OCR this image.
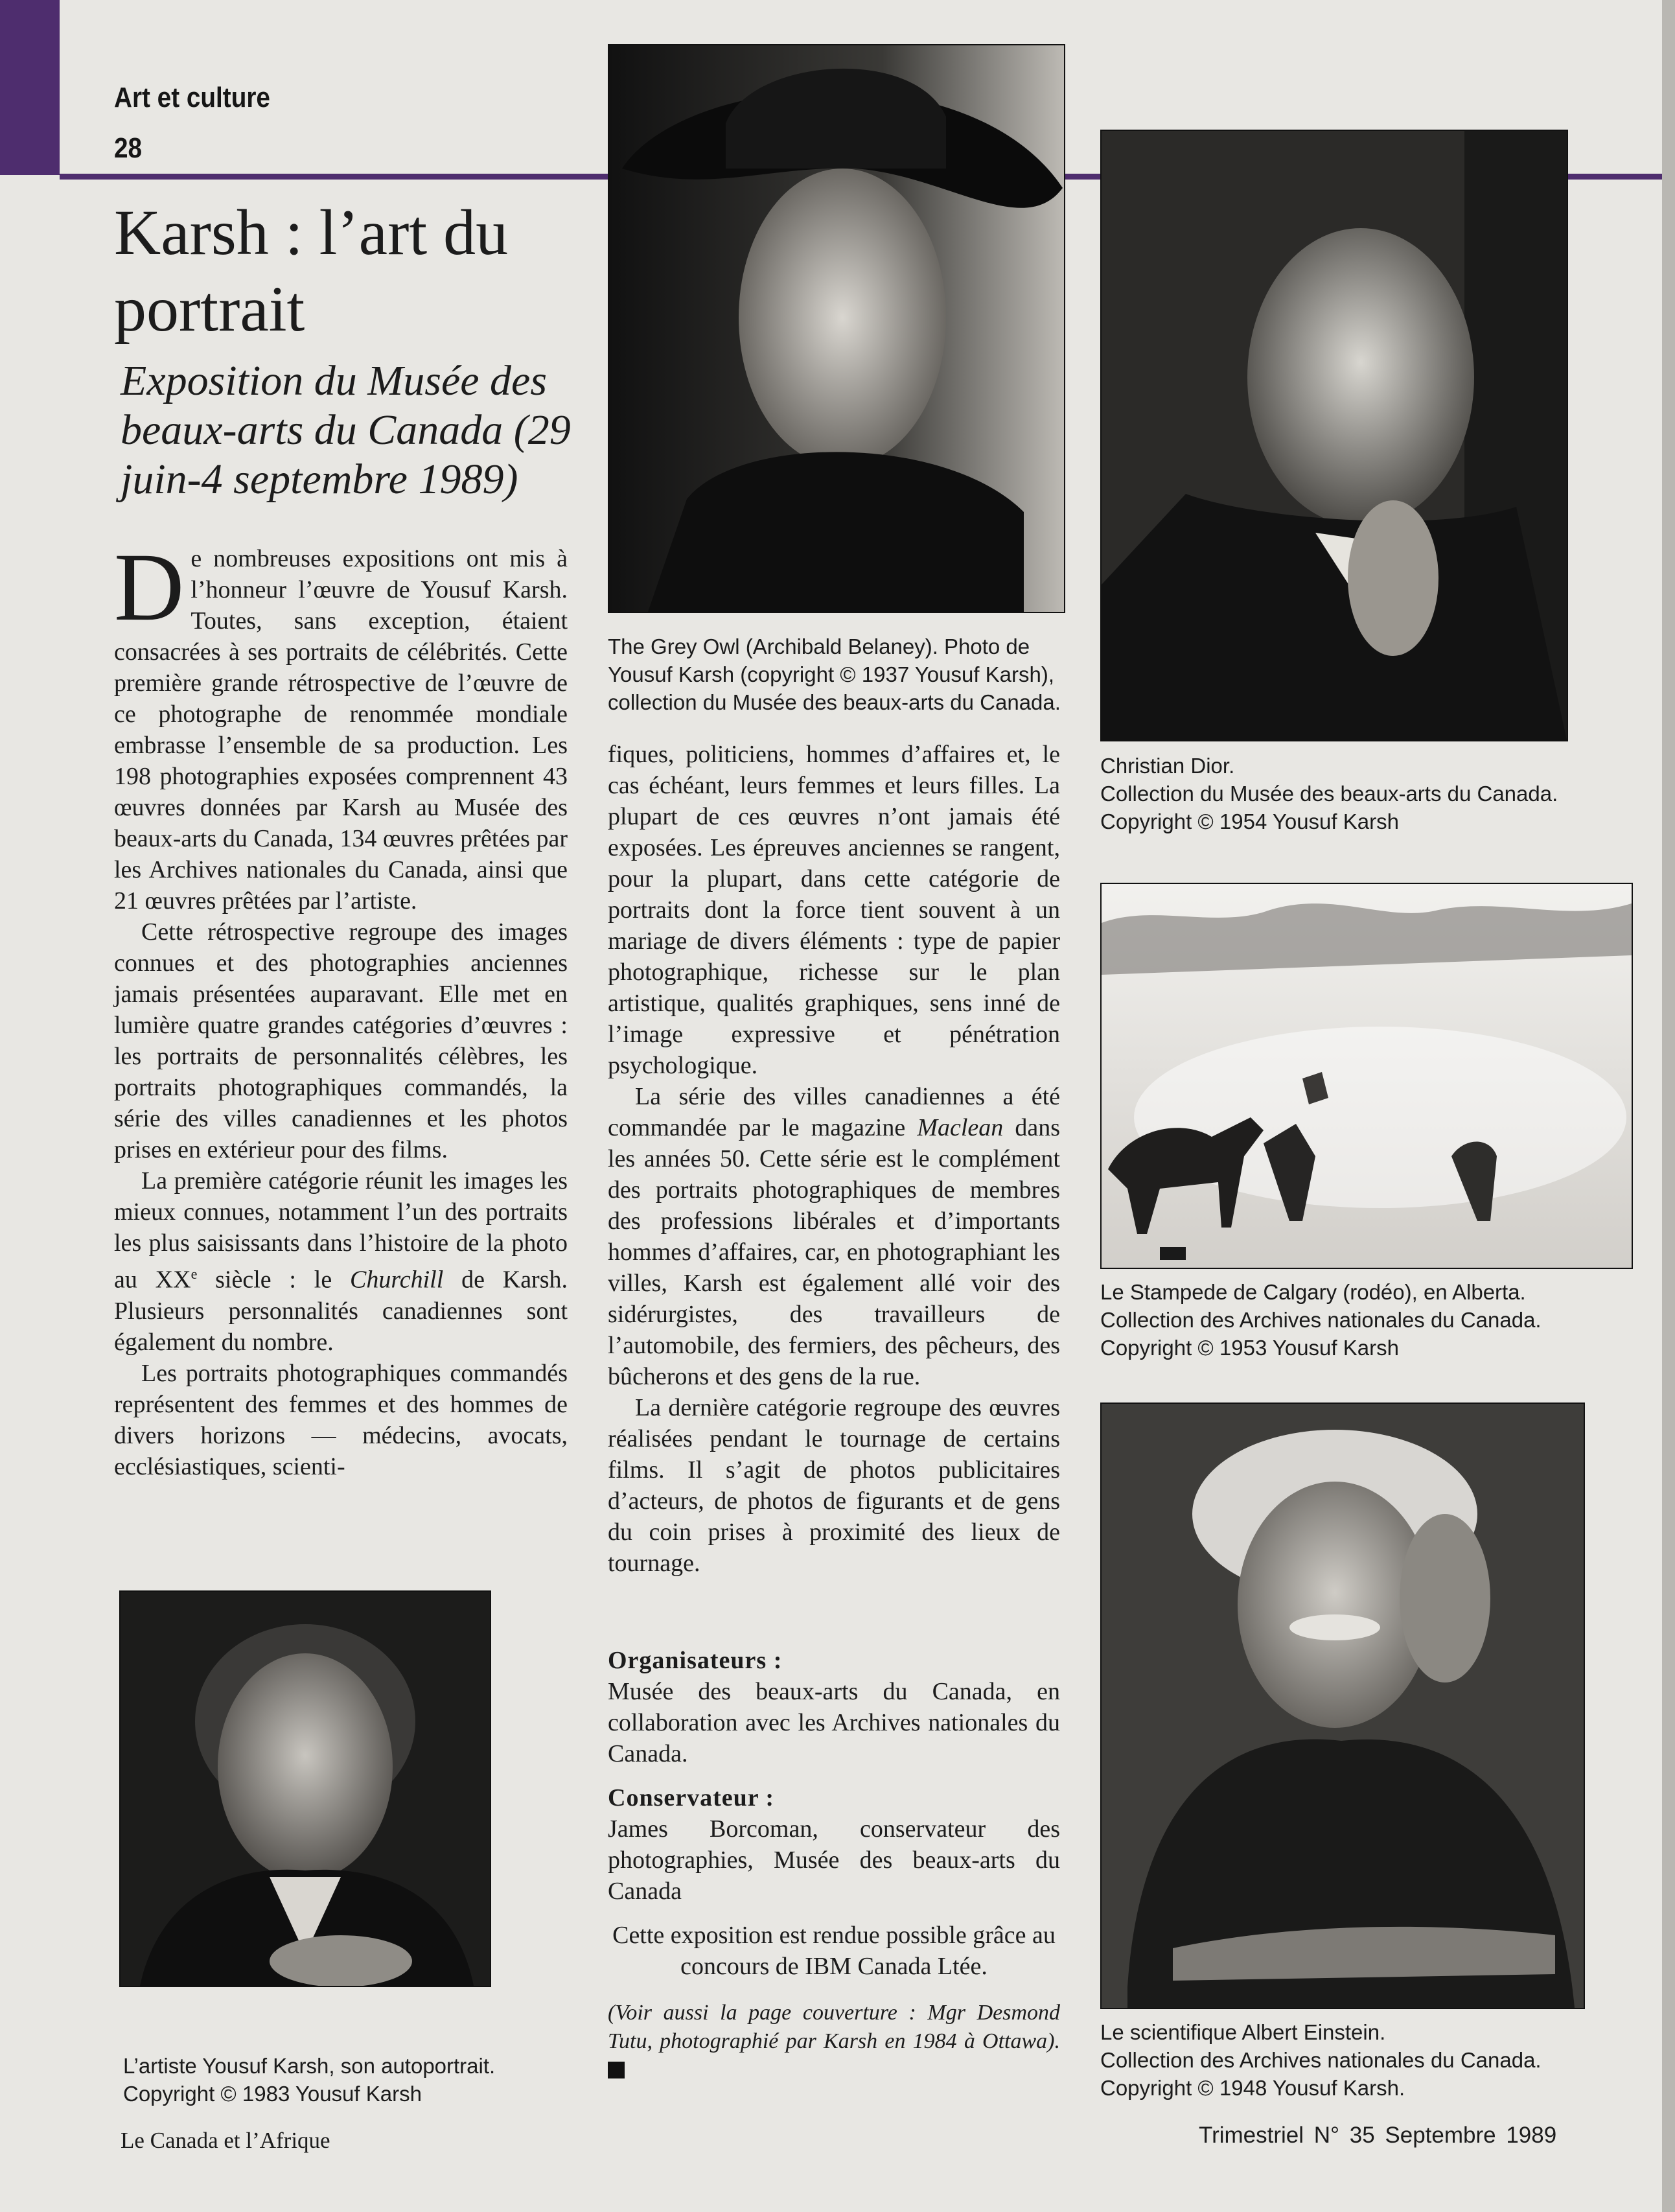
Art et culture
28
Karsh : l’art du portrait
Exposition du Musée des beaux-arts du Canada (29 juin-4 septembre 1989)

De nombreuses expositions ont mis à l’honneur l’œuvre de Yousuf Karsh. Toutes, sans exception, étaient consacrées à ses portraits de célébrités. Cette première grande rétrospective de l’œuvre de ce photographe de renommée mondiale embrasse l’ensemble de sa production. Les 198 photographies exposées comprennent 43 œuvres données par Karsh au Musée des beaux-arts du Canada, 134 œuvres prêtées par les Archives nationales du Canada, ainsi que 21 œuvres prêtées par l’artiste.

Cette rétrospective regroupe des images connues et des photographies anciennes jamais présentées auparavant. Elle met en lumière quatre grandes catégories d’œuvres : les portraits de personnalités célèbres, les portraits photographiques commandés, la série des villes canadiennes et les photos prises en extérieur pour des films.

La première catégorie réunit les images les mieux connues, notamment l’un des portraits les plus saisissants dans l’histoire de la photo au XXe siècle : le Churchill de Karsh. Plusieurs personnalités canadiennes sont également du nombre.

Les portraits photographiques commandés représentent des femmes et des hommes de divers horizons — médecins, avocats, ecclésiastiques, scienti-

fiques, politiciens, hommes d’affaires et, le cas échéant, leurs femmes et leurs filles. La plupart de ces œuvres n’ont jamais été exposées. Les épreuves anciennes se rangent, pour la plupart, dans cette catégorie de portraits dont la force tient souvent à un mariage de divers éléments : type de papier photographique, richesse sur le plan artistique, qualités graphiques, sens inné de l’image expressive et pénétration psychologique.

La série des villes canadiennes a été commandée par le magazine Maclean dans les années 50. Cette série est le complément des portraits photographiques de membres des professions libérales et d’importants hommes d’affaires, car, en photographiant les villes, Karsh est également allé voir des sidérurgistes, des travailleurs de l’automobile, des fermiers, des pêcheurs, des bûcherons et des gens de la rue.

La dernière catégorie regroupe des œuvres réalisées pendant le tournage de certains films. Il s’agit de photos publicitaires d’acteurs, de photos de figurants et de gens du coin prises à proximité des lieux de tournage.

Organisateurs :

Musée des beaux-arts du Canada, en collaboration avec les Archives nationales du Canada.

Conservateur :

James Borcoman, conservateur des photographies, Musée des beaux-arts du Canada

Cette exposition est rendue possible grâce au concours de IBM Canada Ltée.

(Voir aussi la page couverture : Mgr Desmond Tutu, photographié par Karsh en 1984 à Ottawa).

The Grey Owl (Archibald Belaney). Photo de
Yousuf Karsh (copyright © 1937 Yousuf Karsh),
collection du Musée des beaux-arts du Canada.
Christian Dior.
Collection du Musée des beaux-arts du Canada.
Copyright © 1954 Yousuf Karsh
Le Stampede de Calgary (rodéo), en Alberta.
Collection des Archives nationales du Canada.
Copyright © 1953 Yousuf Karsh
Le scientifique Albert Einstein.
Collection des Archives nationales du Canada.
Copyright © 1948 Yousuf Karsh.
L’artiste Yousuf Karsh, son autoportrait.
Copyright © 1983 Yousuf Karsh
Le Canada et l’Afrique	Trimestriel N° 35 Septembre 1989
